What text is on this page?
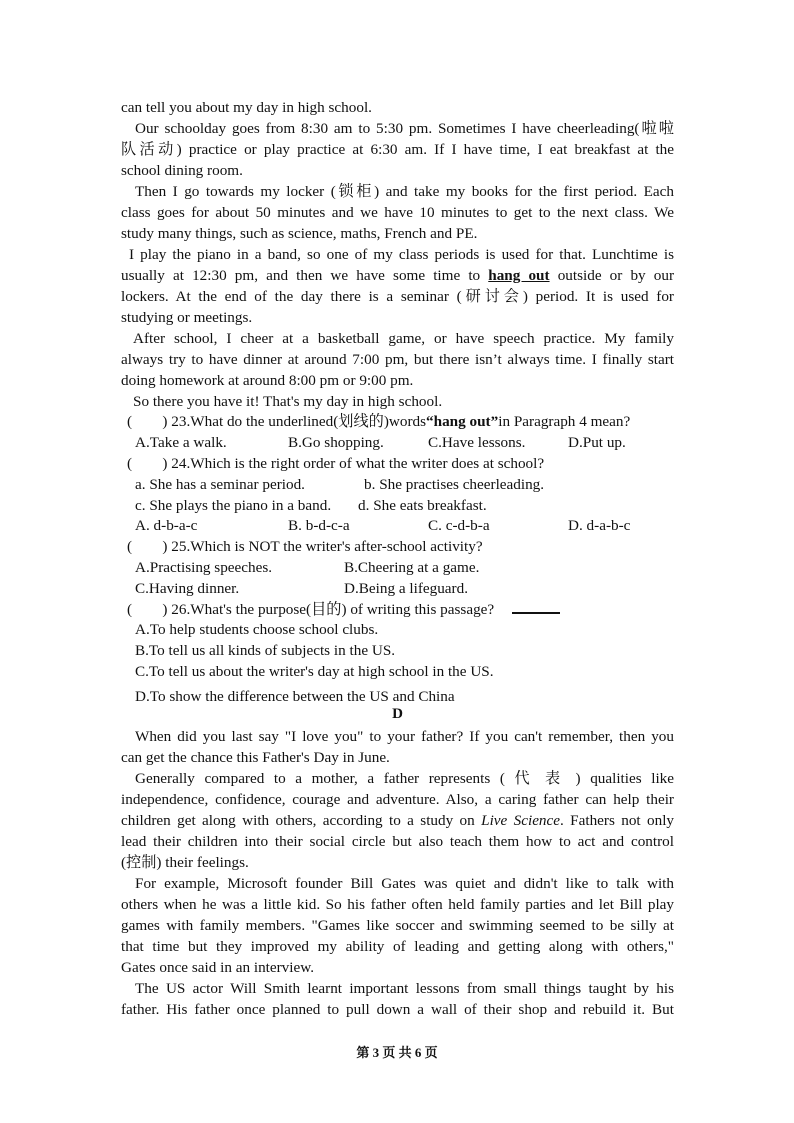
can tell you about my day in high school.
Our schoolday goes from 8:30 am to 5:30 pm. Sometimes I have cheerleading(啦啦
队活动) practice or play practice at 6:30 am. If I have time, I eat breakfast at the
school dining room.
Then I go towards my locker (锁柜) and take my books for the first period. Each
class goes for about 50 minutes and we have 10 minutes to get to the next class. We
study many things, such as science, maths, French and PE.
I play the piano in a band, so one of my class periods is used for that. Lunchtime is
usually at 12:30 pm, and then we have some time to hang out outside or by our
lockers. At the end of the day there is a seminar (研讨会) period. It is used for
studying or meetings.
After school, I cheer at a basketball game, or have speech practice. My family
always try to have dinner at around 7:00 pm, but there isn’t always time. I finally start
doing homework at around 8:00 pm or 9:00 pm.
So there you have it! That's my day in high school.
(　　) 23.What do the underlined(划线的)words“hang out”in Paragraph 4 mean?
A.Take a walk.	B.Go shopping.	C.Have lessons.	D.Put up.
(　　) 24.Which is the right order of what the writer does at school?
a. She has a seminar period.	b. She practises cheerleading.
c. She plays the piano in a band. d. She eats breakfast.
A. d-b-a-c	B. b-d-c-a	C. c-d-b-a	D. d-a-b-c
(　　) 25.Which is NOT the writer's after-school activity?
A.Practising speeches.	B.Cheering at a game.
C.Having dinner.	D.Being a lifeguard.
(　　) 26.What's the purpose(目的) of writing this passage?
A.To help students choose school clubs.
B.To tell us all kinds of subjects in the US.
C.To tell us about the writer's day at high school in the US.
D.To show the difference between the US and China
D
When did you last say "I love you" to your father? If you can't remember, then you
can get the chance this Father's Day in June.
Generally compared to a mother, a father represents ( 代 表 ) qualities like
independence, confidence, courage and adventure. Also, a caring father can help their
children get along with others, according to a study on Live Science. Fathers not only
lead their children into their social circle but also teach them how to act and control
(控制) their feelings.
For example, Microsoft founder Bill Gates was quiet and didn't like to talk with
others when he was a little kid. So his father often held family parties and let Bill play
games with family members. "Games like soccer and swimming seemed to be silly at
that time but they improved my ability of leading and getting along with others,"
Gates once said in an interview.
The US actor Will Smith learnt important lessons from small things taught by his
father. His father once planned to pull down a wall of their shop and rebuild it. But
第 3 页 共 6 页
